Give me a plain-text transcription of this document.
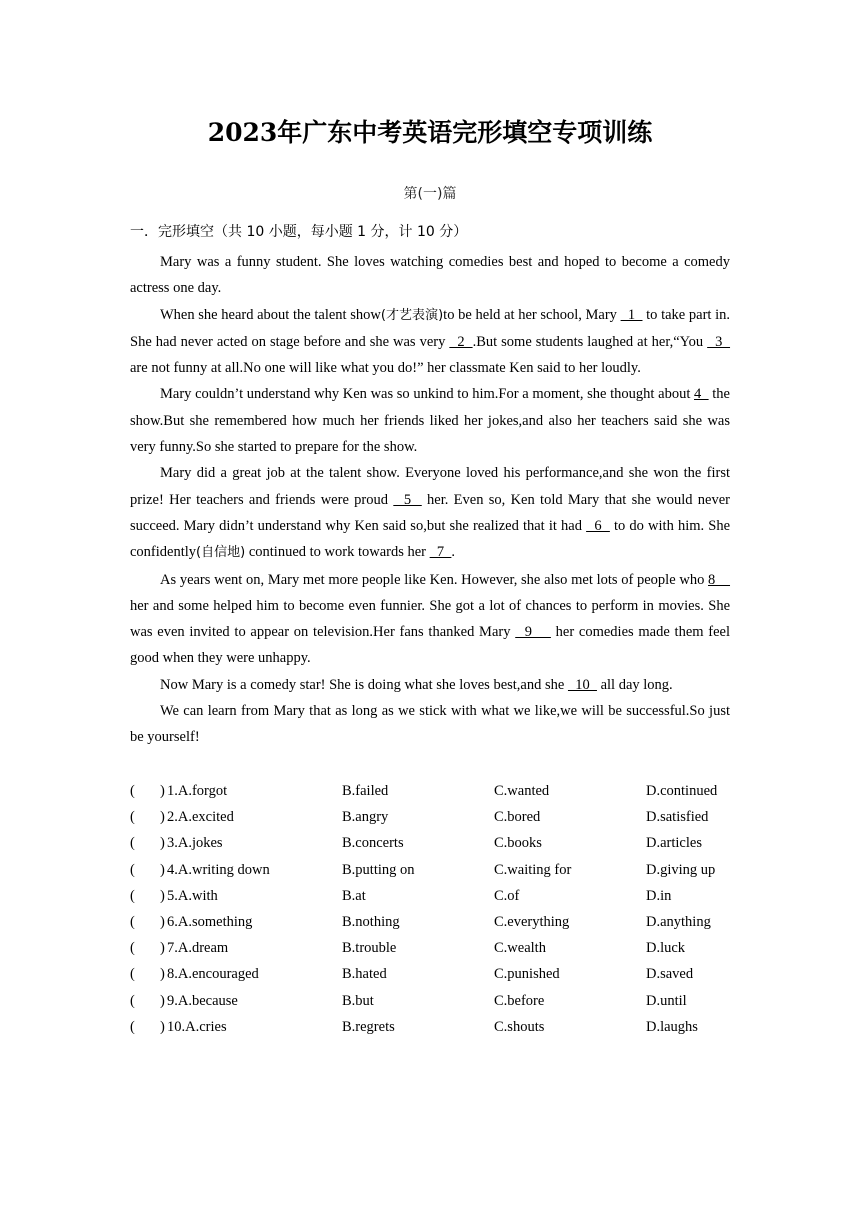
2023年广东中考英语完形填空专项训练
第(一)篇
一．完形填空（共 10 小题，每小题 1 分，计 10 分）

Mary was a funny student. She loves watching comedies best and hoped to become a comedy actress one day.

When she heard about the talent show(才艺表演)to be held at her school, Mary   1   to take part in. She had never acted on stage before and she was very   2  .But some students laughed at her,“You   3   are not funny at all.No one will like what you do!” her classmate Ken said to her loudly.

Mary couldn’t understand why Ken was so unkind to him.For a moment, she thought about 4   the show.But she remembered how much her friends liked her jokes,and also her teachers said she was very funny.So she started to prepare for the show.

Mary did a great job at the talent show. Everyone loved his performance,and she won the first prize! Her teachers and friends were proud   5   her. Even so, Ken told Mary that she would never succeed. Mary didn’t understand why Ken said so,but she realized that it had   6   to do with him. She confidently(自信地) continued to work towards her   7  .

As years went on, Mary met more people like Ken. However, she also met lots of people who 8     her and some helped him to become even funnier. She got a lot of chances to perform in movies. She was even invited to appear on television.Her fans thanked Mary   9     her comedies made them feel good when they were unhappy.

Now Mary is a comedy star! She is doing what she loves best,and she   10   all day long.

We can learn from Mary that as long as we stick with what we like,we will be successful.So just be yourself!

( ) 1.A.forgot	B.failed	C.wanted	D.continued
( ) 2.A.excited	B.angry	C.bored	D.satisfied
( ) 3.A.jokes	B.concerts	C.books	D.articles
( ) 4.A.writing down	B.putting on	C.waiting for	D.giving up
( ) 5.A.with	B.at	C.of	D.in
( ) 6.A.something	B.nothing	C.everything	D.anything
( ) 7.A.dream	B.trouble	C.wealth	D.luck
( ) 8.A.encouraged	B.hated	C.punished	D.saved
( ) 9.A.because	B.but	C.before	D.until
( ) 10.A.cries	B.regrets	C.shouts	D.laughs
